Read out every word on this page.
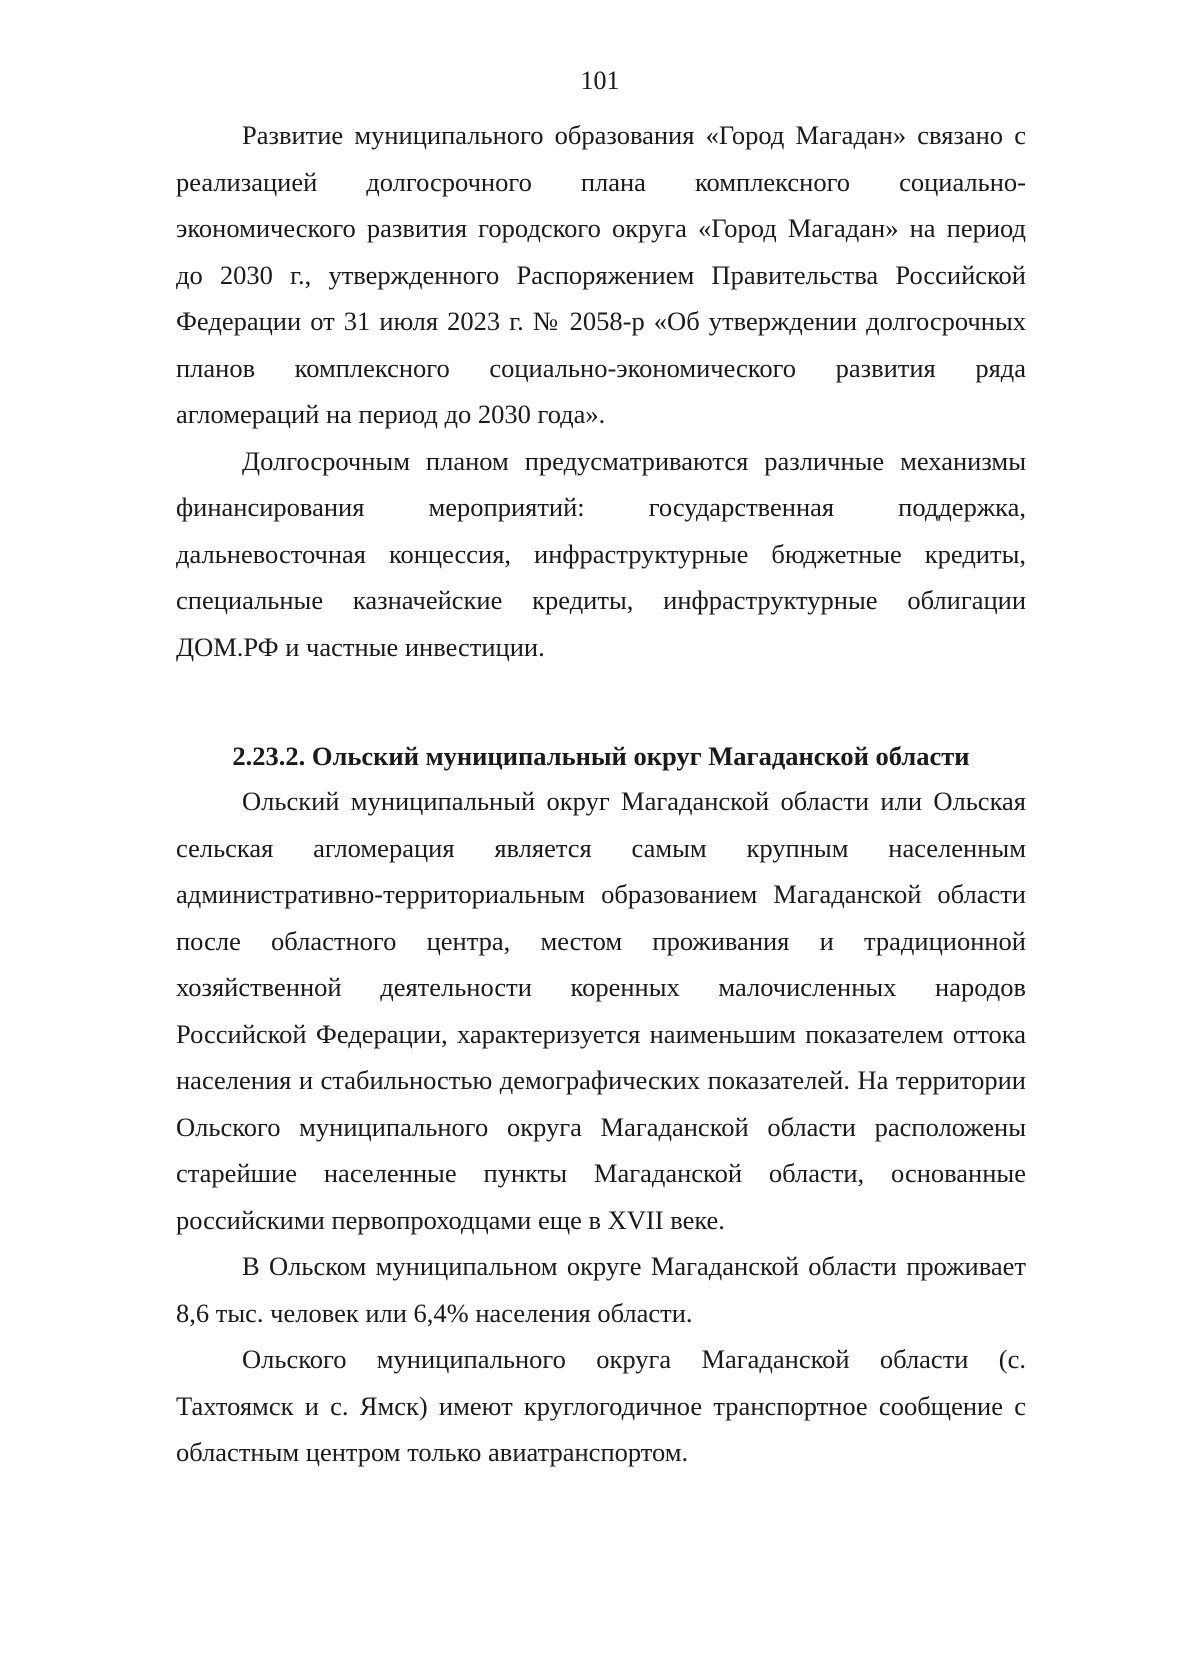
101

Развитие муниципального образования «Город Магадан» связано с реализацией долгосрочного плана комплексного социально-экономического развития городского округа «Город Магадан» на период до 2030 г., утвержденного Распоряжением Правительства Российской Федерации от 31 июля 2023 г. № 2058-р «Об утверждении долгосрочных планов комплексного социально-экономического развития ряда агломераций на период до 2030 года».

Долгосрочным планом предусматриваются различные механизмы финансирования мероприятий: государственная поддержка, дальневосточная концессия, инфраструктурные бюджетные кредиты, специальные казначейские кредиты, инфраструктурные облигации ДОМ.РФ и частные инвестиции.

2.23.2. Ольский муниципальный округ Магаданской области

Ольский муниципальный округ Магаданской области или Ольская сельская агломерация является самым крупным населенным административно-территориальным образованием Магаданской области после областного центра, местом проживания и традиционной хозяйственной деятельности коренных малочисленных народов Российской Федерации, характеризуется наименьшим показателем оттока населения и стабильностью демографических показателей. На территории Ольского муниципального округа Магаданской области расположены старейшие населенные пункты Магаданской области, основанные российскими первопроходцами еще в XVII веке.

В Ольском муниципальном округе Магаданской области проживает 8,6 тыс. человек или 6,4% населения области.

Ольского муниципального округа Магаданской области (с. Тахтоямск и с. Ямск) имеют круглогодичное транспортное сообщение с областным центром только авиатранспортом.
